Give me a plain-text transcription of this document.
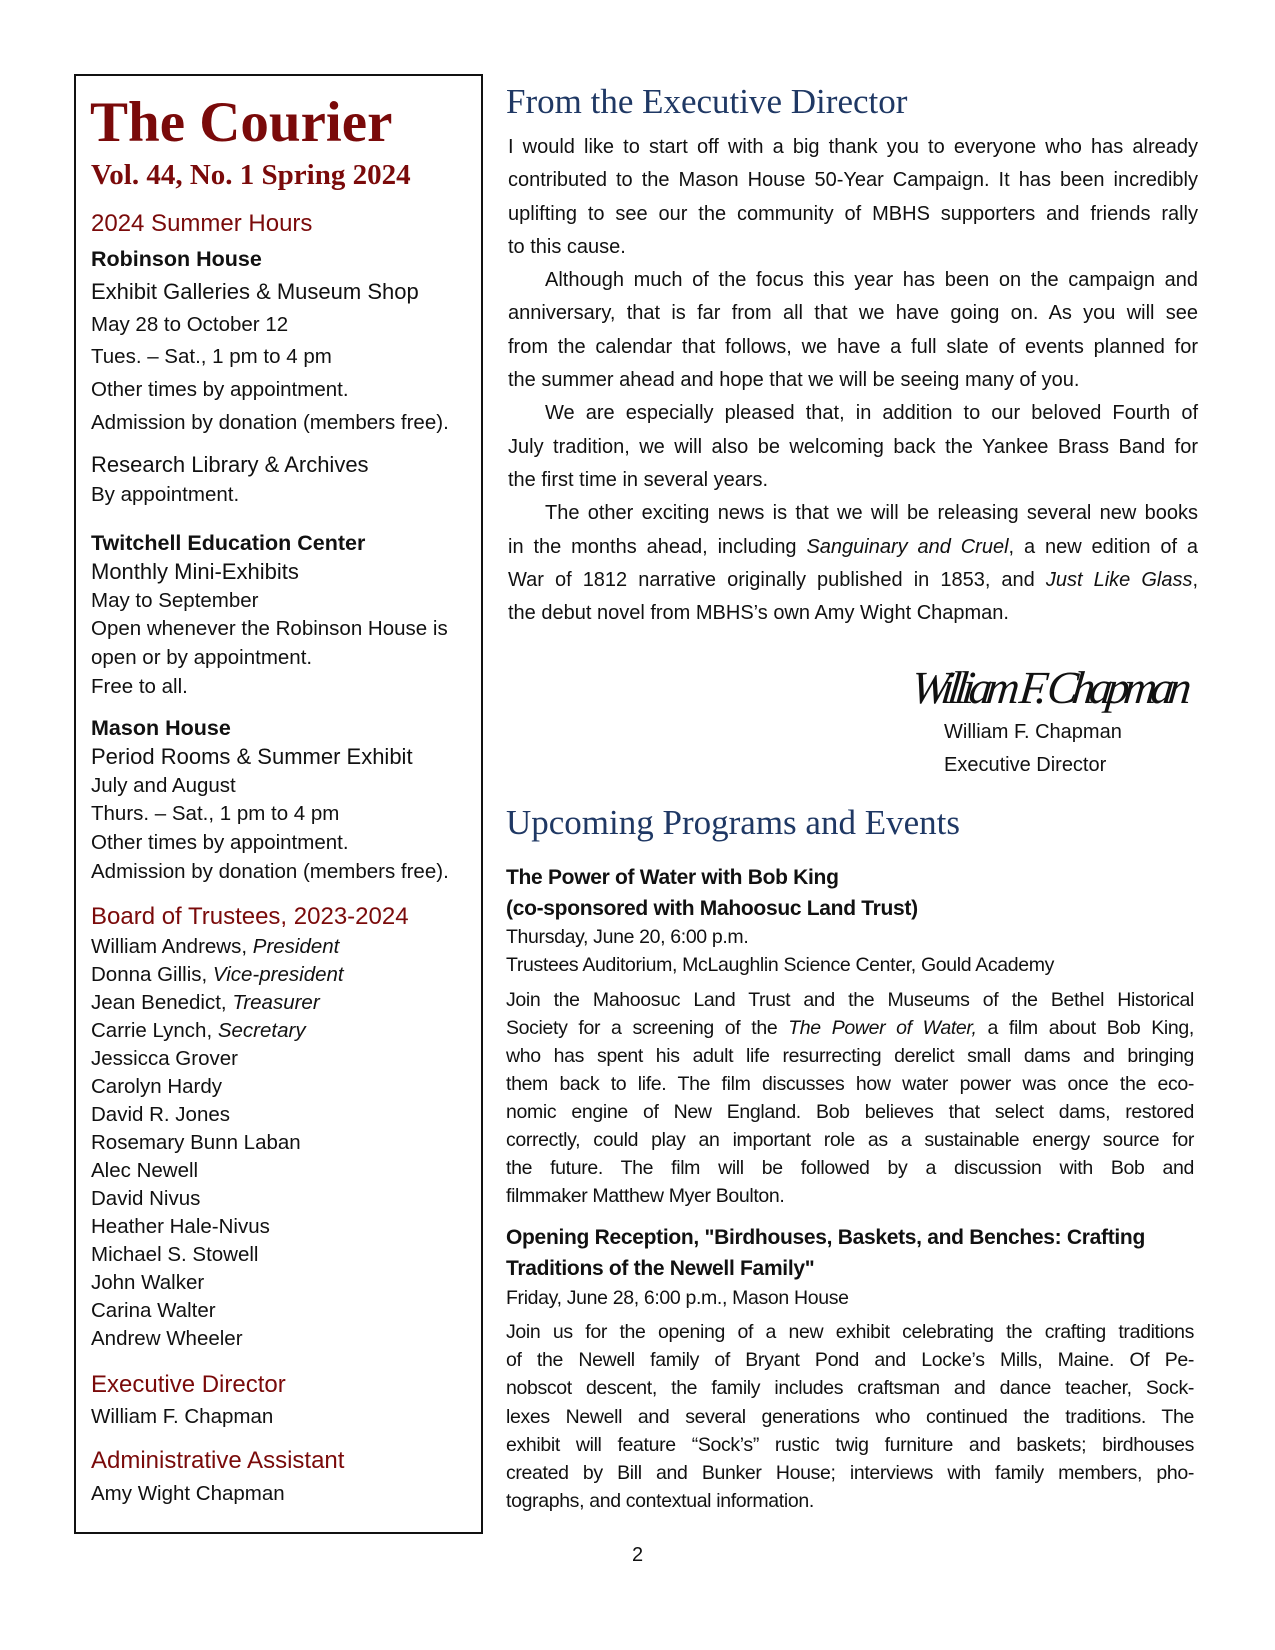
The Courier
Vol. 44, No. 1 Spring 2024
2024 Summer Hours
Robinson House
Exhibit Galleries & Museum Shop
May 28 to October 12
Tues. – Sat., 1 pm to 4 pm
Other times by appointment.
Admission by donation (members free).
Research Library & Archives
By appointment.
Twitchell Education Center
Monthly Mini-Exhibits
May to September
Open whenever the Robinson House is
open or by appointment.
Free to all.
Mason House
Period Rooms & Summer Exhibit
July and August
Thurs. – Sat., 1 pm to 4 pm
Other times by appointment.
Admission by donation (members free).
Board of Trustees, 2023-2024
William Andrews, President
Donna Gillis, Vice-president
Jean Benedict, Treasurer
Carrie Lynch, Secretary
Jessicca Grover
Carolyn Hardy
David R. Jones
Rosemary Bunn Laban
Alec Newell
David Nivus
Heather Hale-Nivus
Michael S. Stowell
John Walker
Carina Walter
Andrew Wheeler
Executive Director
William F. Chapman
Administrative Assistant
Amy Wight Chapman
From the Executive Director
I would like to start off with a big thank you to everyone who has already
contributed to the Mason House 50-Year Campaign. It has been incredibly
uplifting to see our the community of MBHS supporters and friends rally
to this cause.
Although much of the focus this year has been on the campaign and
anniversary, that is far from all that we have going on. As you will see
from the calendar that follows, we have a full slate of events planned for
the summer ahead and hope that we will be seeing many of you.
We are especially pleased that, in addition to our beloved Fourth of
July tradition, we will also be welcoming back the Yankee Brass Band for
the first time in several years.
The other exciting news is that we will be releasing several new books
in the months ahead, including Sanguinary and Cruel, a new edition of a
War of 1812 narrative originally published in 1853, and Just Like Glass,
the debut novel from MBHS’s own Amy Wight Chapman.
William F. Chapman
William F. Chapman
Executive Director
Upcoming Programs and Events
The Power of Water with Bob King
(co-sponsored with Mahoosuc Land Trust)
Thursday, June 20, 6:00 p.m.
Trustees Auditorium, McLaughlin Science Center, Gould Academy
Join the Mahoosuc Land Trust and the Museums of the Bethel Historical
Society for a screening of the The Power of Water, a film about Bob King,
who has spent his adult life resurrecting derelict small dams and bringing
them back to life. The film discusses how water power was once the eco-
nomic engine of New England. Bob believes that select dams, restored
correctly, could play an important role as a sustainable energy source for
the future. The film will be followed by a discussion with Bob and
filmmaker Matthew Myer Boulton.
Opening Reception, "Birdhouses, Baskets, and Benches: Crafting
Traditions of the Newell Family"
Friday, June 28, 6:00 p.m., Mason House
Join us for the opening of a new exhibit celebrating the crafting traditions
of the Newell family of Bryant Pond and Locke’s Mills, Maine. Of Pe-
nobscot descent, the family includes craftsman and dance teacher, Sock-
lexes Newell and several generations who continued the traditions. The
exhibit will feature “Sock’s” rustic twig furniture and baskets; birdhouses
created by Bill and Bunker House; interviews with family members, pho-
tographs, and contextual information.
2
